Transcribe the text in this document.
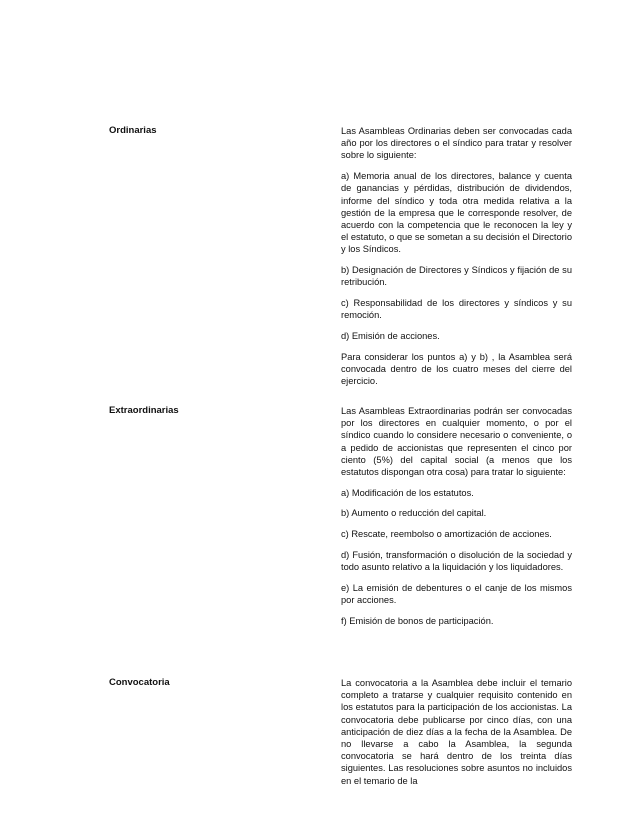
Ordinarias	Las Asambleas Ordinarias deben ser convocadas cada año por los directores o el síndico para tratar y resolver sobre lo siguiente:

a) Memoria anual de los directores, balance y cuenta de ganancias y pérdidas, distribución de dividendos, informe del síndico y toda otra medida relativa a la gestión de la empresa que le corresponde resolver, de acuerdo con la competencia que le reconocen la ley y el estatuto, o que se sometan a su decisión el Directorio y los Síndicos.

b) Designación de Directores y Síndicos y fijación de su retribución.

c) Responsabilidad de los directores y síndicos y su remoción.

d) Emisión de acciones.

Para considerar los puntos a) y b) , la Asamblea será convocada dentro de los cuatro meses del cierre del ejercicio.

Extraordinarias	Las Asambleas Extraordinarias podrán ser convocadas por los directores en cualquier momento, o por el síndico cuando lo considere necesario o conveniente, o a pedido de accionistas que representen el cinco por ciento (5%) del capital social (a menos que los estatutos dispongan otra cosa) para tratar lo siguiente:

a) Modificación de los estatutos.

b) Aumento o reducción del capital.

c) Rescate, reembolso o amortización de acciones.

d) Fusión, transformación o disolución de la sociedad y todo asunto relativo a la liquidación y los liquidadores.

e) La emisión de debentures o el canje de los mismos por acciones.

f) Emisión de bonos de participación.

Convocatoria	La convocatoria a la Asamblea debe incluir el temario completo a tratarse y cualquier requisito contenido en los estatutos para la participación de los accionistas. La convocatoria debe publicarse por cinco días, con una anticipación de diez días a la fecha de la Asamblea. De no llevarse a cabo la Asamblea, la segunda convocatoria se hará dentro de los treinta días siguientes. Las resoluciones sobre asuntos no incluidos en el temario de la
